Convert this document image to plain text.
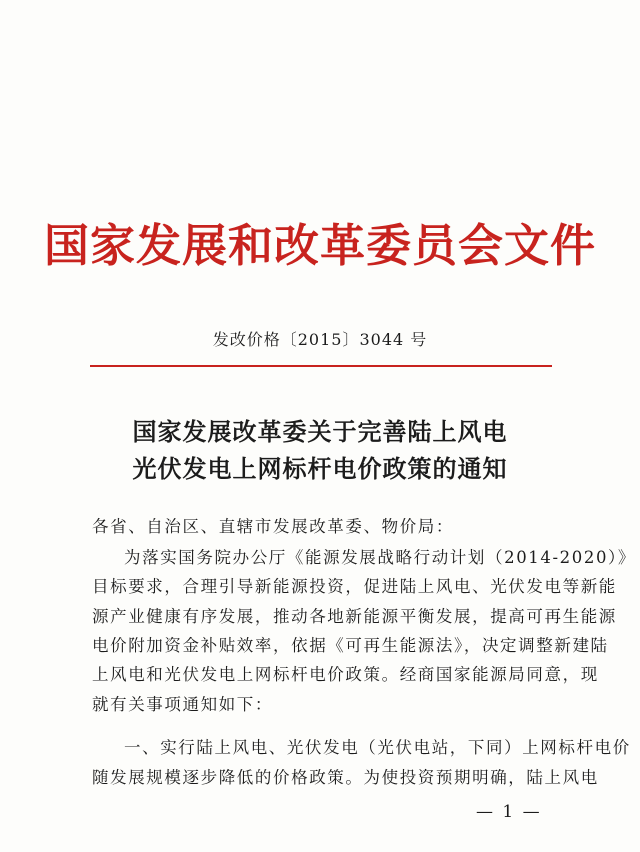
国家发展和改革委员会文件
发改价格〔2015〕3044 号
国家发展改革委关于完善陆上风电
光伏发电上网标杆电价政策的通知
各省、自治区、直辖市发展改革委、物价局：
为落实国务院办公厅《能源发展战略行动计划（2014-2020）》
目标要求，合理引导新能源投资，促进陆上风电、光伏发电等新能
源产业健康有序发展，推动各地新能源平衡发展，提高可再生能源
电价附加资金补贴效率，依据《可再生能源法》，决定调整新建陆
上风电和光伏发电上网标杆电价政策。经商国家能源局同意，现
就有关事项通知如下：
一、实行陆上风电、光伏发电（光伏电站，下同）上网标杆电价
随发展规模逐步降低的价格政策。为使投资预期明确，陆上风电
— 1 —
